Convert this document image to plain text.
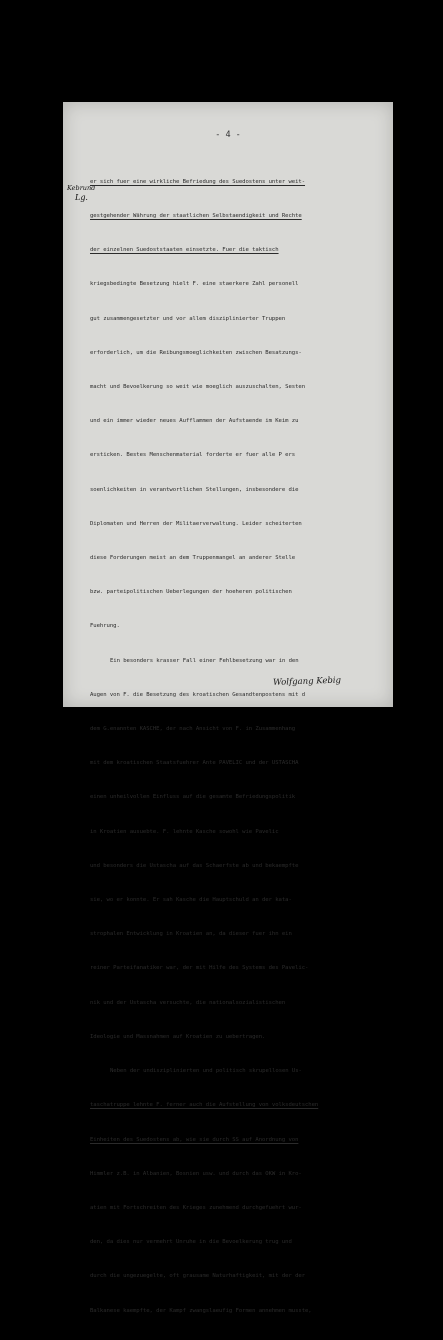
- 4 -
Kebrund
Lg.

er sich fuer eine wirkliche Befriedung des Suedostens unter weit-

gestgehender Währung der staatlichen Selbstaendigkeit und Rechte

der einzelnen Suedoststaaten einsetzte. Fuer die taktisch

kriegsbedingte Besetzung hielt F. eine staerkere Zahl personell

gut zusammengesetzter und vor allem disziplinierter Truppen

erforderlich, um die Reibungsmoeglichkeiten zwischen Besatzungs-

macht und Bevoelkerung so weit wie moeglich auszuschalten, Sesten

und ein immer wieder neues Aufflammen der Aufstaende im Keim zu

ersticken. Bestes Menschenmaterial forderte er fuer alle P ers

soenlichkeiten in verantwortlichen Stellungen, insbesondere die

Diplomaten und Herren der Militaerverwaltung. Leider scheiterten

diese Forderungen meist an dem Truppenmangel an anderer Stelle

bzw. parteipolitischen Ueberlegungen der hoeheren politischen

Fuehrung.

Ein besonders krasser Fall einer Fehlbesetzung war in den

Augen von F. die Besetzung des kroatischen Gesandtenpostens mit d

dem G.enannten KASCHE, der nach Ansicht von F. in Zusammenhang

mit dem kroatischen Staatsfuehrer Ante PAVELIC und der USTASCHA

einen unheilvollen Einfluss auf die gesamte Befriedungspolitik

in Kroatien ausuebte. F. lehnte Kasche sowohl wie Pavelic

und besonders die Ustascha auf das Schaerfste ab und bekaempfte

sie, wo er konnte. Er sah Kasche die Hauptschuld an der kata-

strophalen Entwicklung in Kroatien an, da dieser fuer ihn ein

reiner Parteifanatiker war, der mit Hilfe des Systems des Pavelic-

nik und der Ustascha versuchte, die nationalsozialistischen

Ideologie und Massnahmen auf Kroatien zu uebertragen.

Neben der undisziplinierten und politisch skrupellosen Us-

taschatruppe lehnte F. ferner auch die Aufstellung von volksdeutschen

Einheiten des Suedostens ab, wie sie durch SS auf Anordnung von

Himmler z.B. in Albanien, Bosnien usw. und durch das OKW in Kro-

atien mit Fortschreiten des Krieges zunehmend durchgefuehrt wur-

den, da dies nur vermehrt Unruhe in die Bevoelkerung trug und

durch die ungezuegelte, oft grausame Naturhaftigkeit, mit der der

Balkanese kaempfte, der Kampf zwangslaeufig Formen annehmen musste,

Wolfgang Kebig
